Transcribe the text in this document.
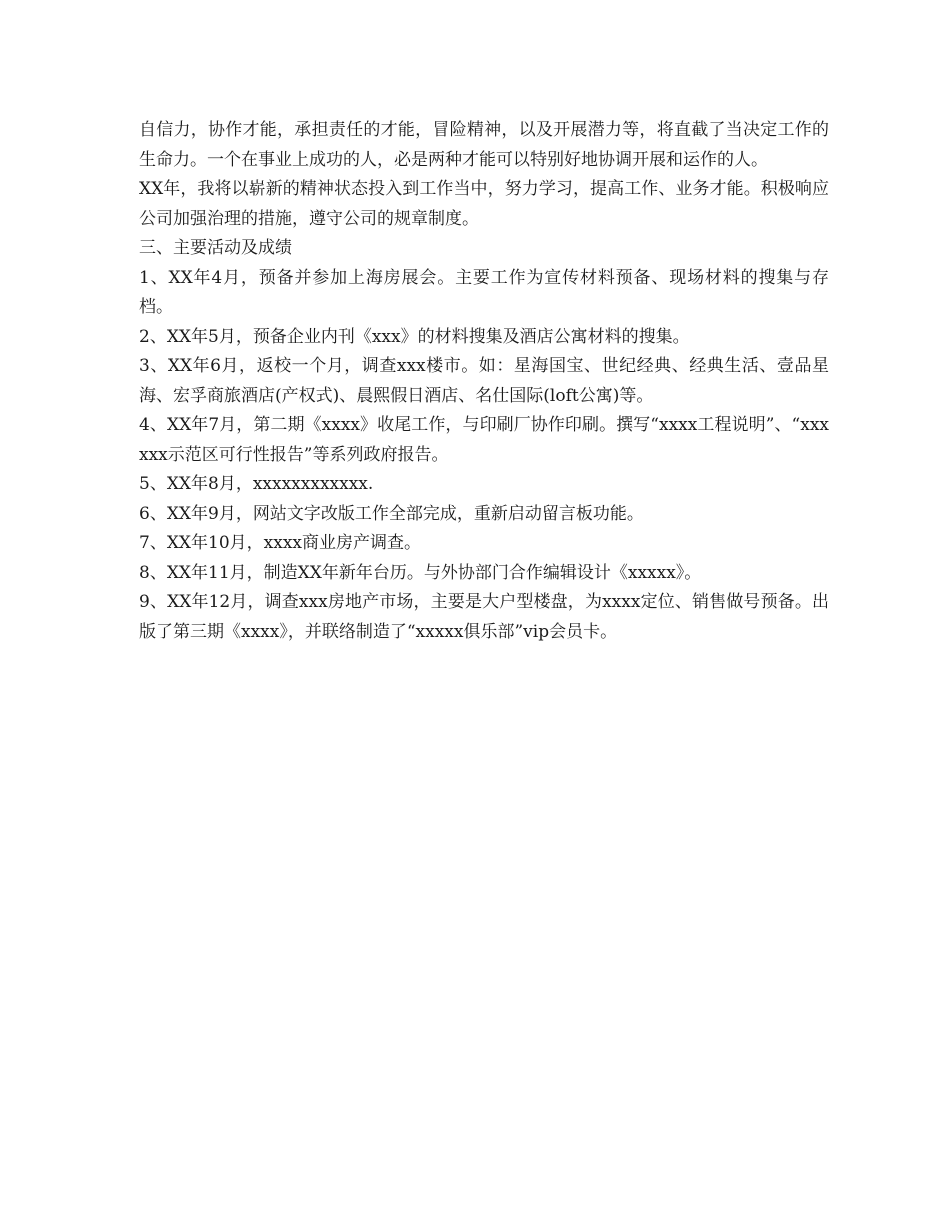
自信力，协作才能，承担责任的才能，冒险精神，以及开展潜力等，将直截了当决定工作的生命力。一个在事业上成功的人，必是两种才能可以特别好地协调开展和运作的人。

XX年，我将以崭新的精神状态投入到工作当中，努力学习，提高工作、业务才能。积极响应公司加强治理的措施，遵守公司的规章制度。

三、主要活动及成绩

1、XX年4月，预备并参加上海房展会。主要工作为宣传材料预备、现场材料的搜集与存档。

2、XX年5月，预备企业内刊《xxx》的材料搜集及酒店公寓材料的搜集。

3、XX年6月，返校一个月，调查xxx楼市。如：星海国宝、世纪经典、经典生活、壹品星海、宏孚商旅酒店(产权式)、晨熙假日酒店、名仕国际(loft公寓)等。

4、XX年7月，第二期《xxxx》收尾工作，与印刷厂协作印刷。撰写“xxxx工程说明”、“xxxxxx示范区可行性报告”等系列政府报告。

5、XX年8月，xxxxxxxxxxxx.

6、XX年9月，网站文字改版工作全部完成，重新启动留言板功能。

7、XX年10月，xxxx商业房产调查。

8、XX年11月，制造XX年新年台历。与外协部门合作编辑设计《xxxxx》。

9、XX年12月，调查xxx房地产市场，主要是大户型楼盘，为xxxx定位、销售做号预备。出版了第三期《xxxx》，并联络制造了“xxxxx俱乐部”vip会员卡。
